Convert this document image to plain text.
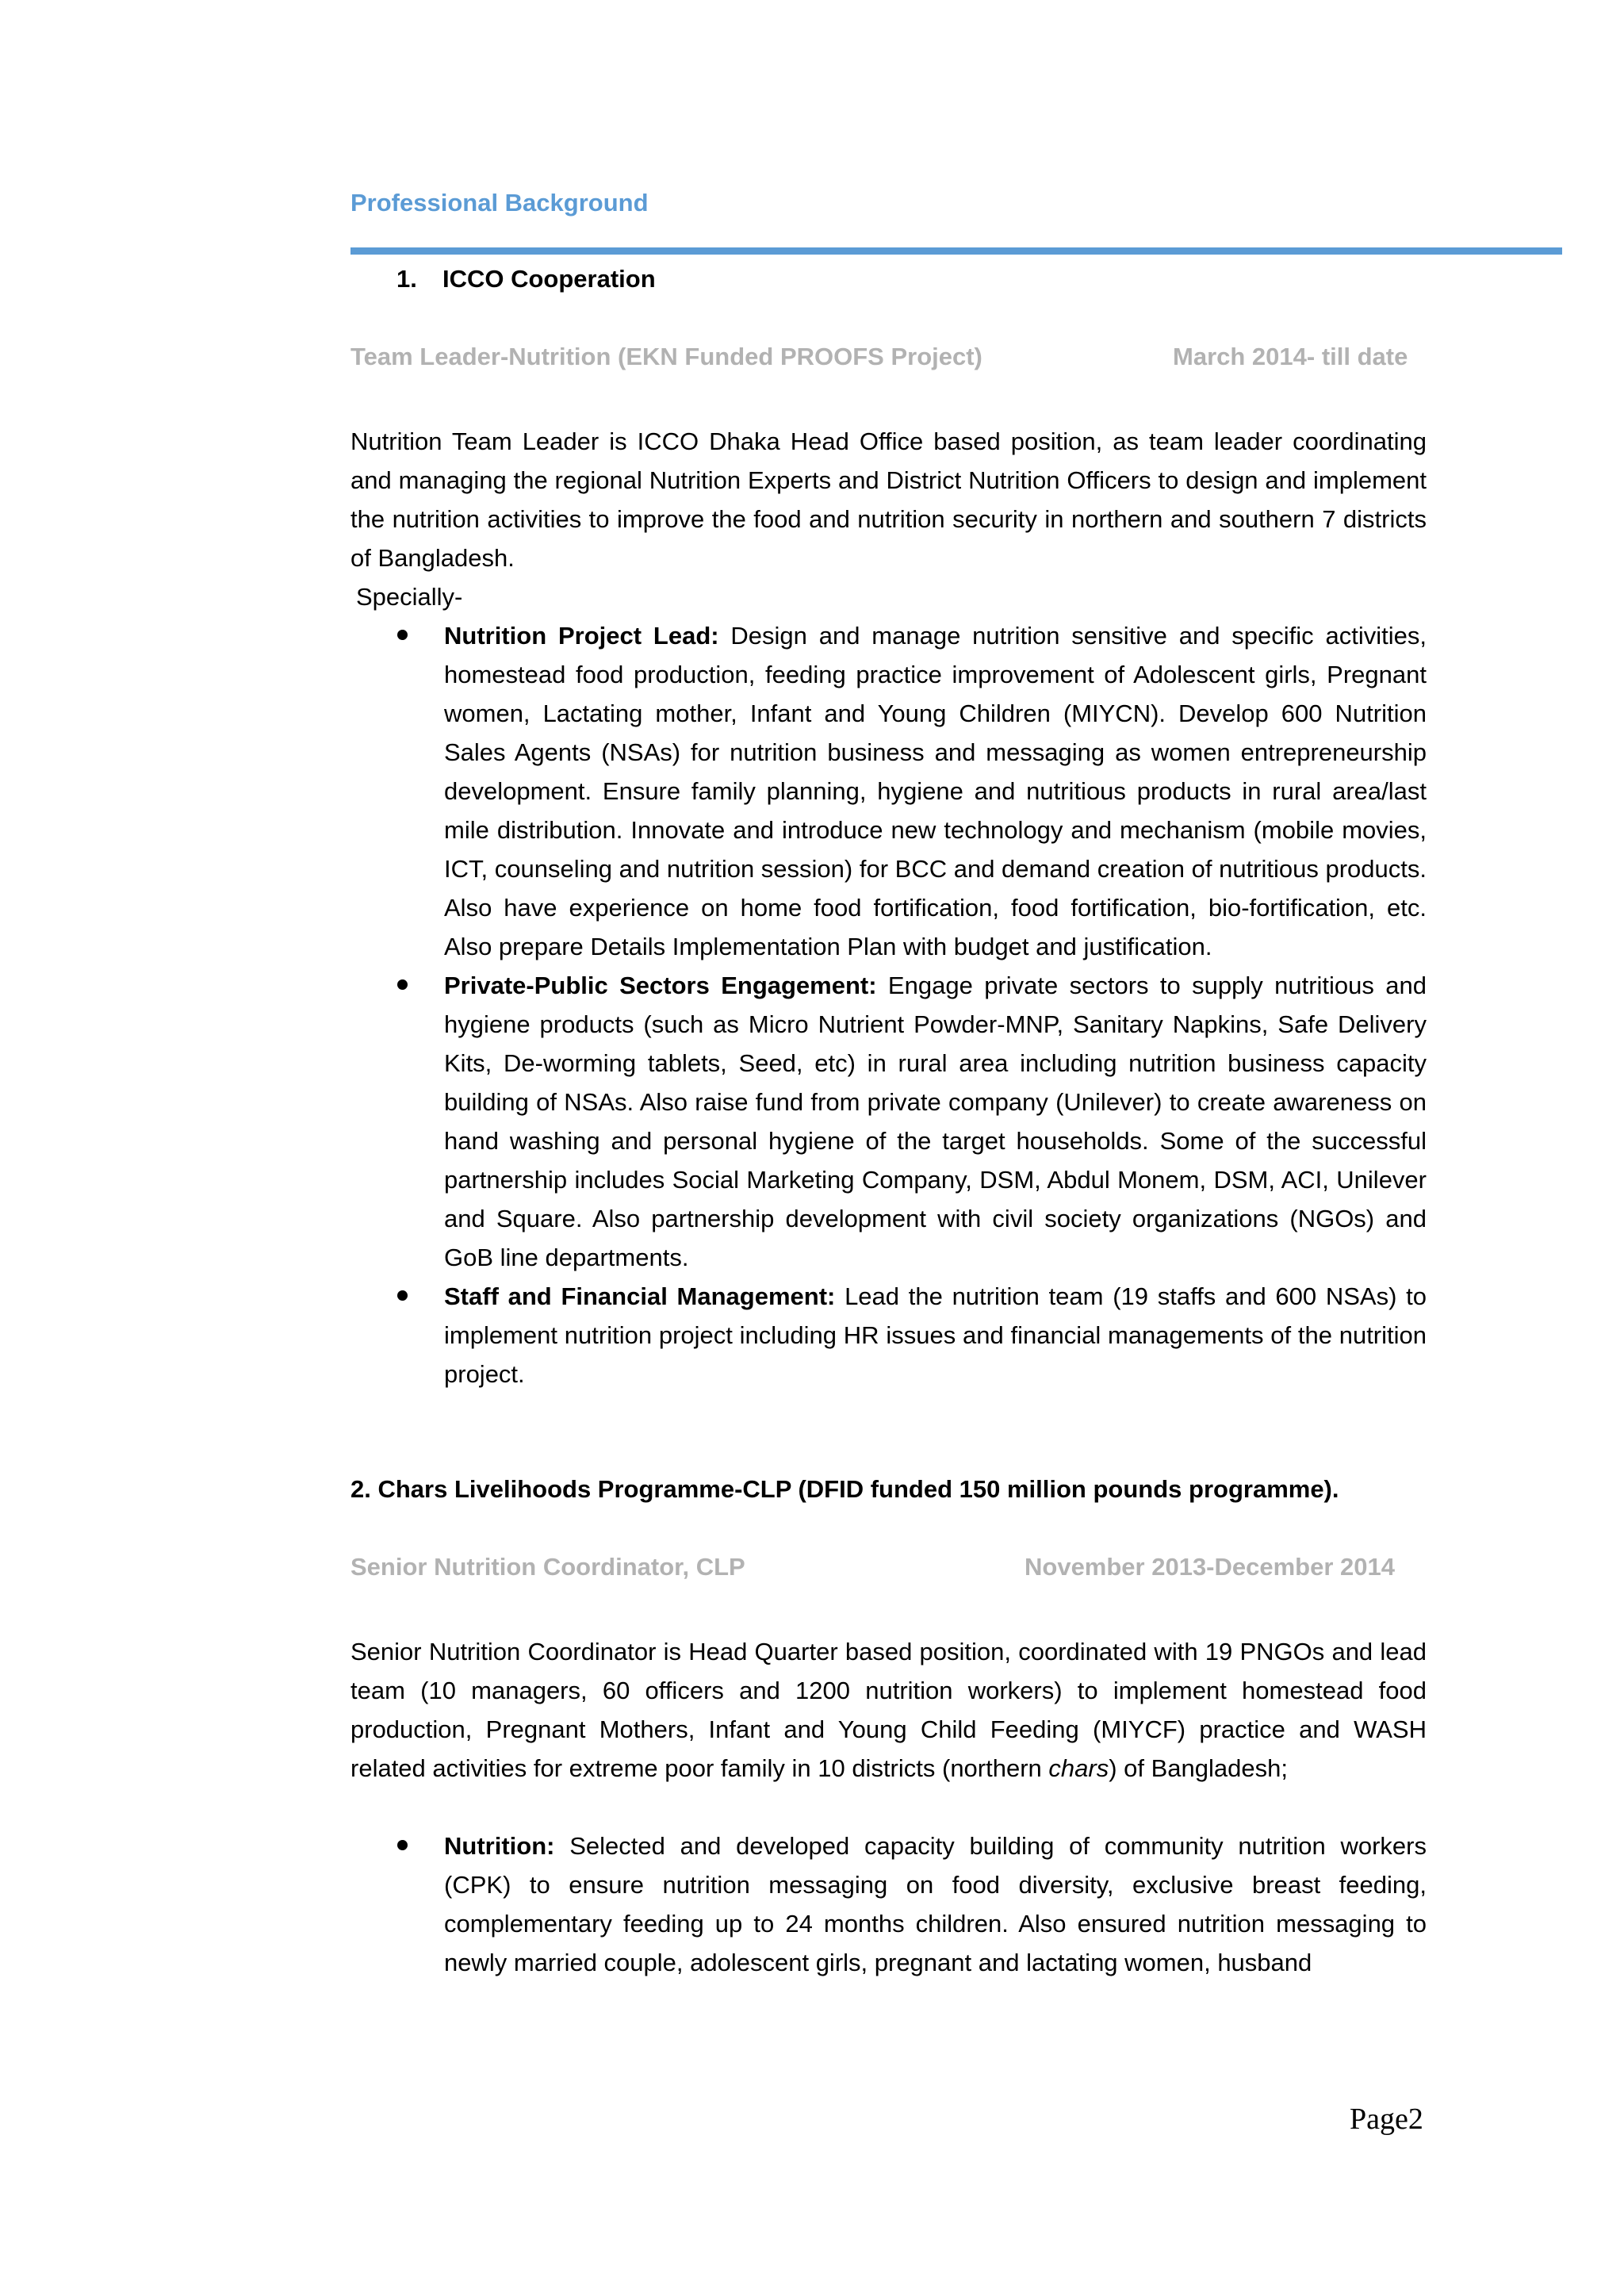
Professional Background
1. ICCO Cooperation
Team Leader-Nutrition (EKN Funded PROOFS Project)	March 2014- till date

Nutrition Team Leader is ICCO Dhaka Head Office based position, as team leader coordinating and managing the regional Nutrition Experts and District Nutrition Officers to design and implement the nutrition activities to improve the food and nutrition security in northern and southern 7 districts of Bangladesh.

Specially-
Nutrition Project Lead: Design and manage nutrition sensitive and specific activities, homestead food production, feeding practice improvement of Adolescent girls, Pregnant women, Lactating mother, Infant and Young Children (MIYCN). Develop 600 Nutrition Sales Agents (NSAs) for nutrition business and messaging as women entrepreneurship development. Ensure family planning, hygiene and nutritious products in rural area/last mile distribution. Innovate and introduce new technology and mechanism (mobile movies, ICT, counseling and nutrition session) for BCC and demand creation of nutritious products. Also have experience on home food fortification, food fortification, bio-fortification, etc. Also prepare Details Implementation Plan with budget and justification.
Private-Public Sectors Engagement: Engage private sectors to supply nutritious and hygiene products (such as Micro Nutrient Powder-MNP, Sanitary Napkins, Safe Delivery Kits, De-worming tablets, Seed, etc) in rural area including nutrition business capacity building of NSAs. Also raise fund from private company (Unilever) to create awareness on hand washing and personal hygiene of the target households. Some of the successful partnership includes Social Marketing Company, DSM, Abdul Monem, DSM, ACI, Unilever and Square. Also partnership development with civil society organizations (NGOs) and GoB line departments.
Staff and Financial Management: Lead the nutrition team (19 staffs and 600 NSAs) to implement nutrition project including HR issues and financial managements of the nutrition project.
2. Chars Livelihoods Programme-CLP (DFID funded 150 million pounds programme).
Senior Nutrition Coordinator, CLP	November 2013-December 2014

Senior Nutrition Coordinator is Head Quarter based position, coordinated with 19 PNGOs and lead team (10 managers, 60 officers and 1200 nutrition workers) to implement homestead food production, Pregnant Mothers, Infant and Young Child Feeding (MIYCF) practice and WASH related activities for extreme poor family in 10 districts (northern chars) of Bangladesh;

Nutrition: Selected and developed capacity building of community nutrition workers (CPK) to ensure nutrition messaging on food diversity, exclusive breast feeding, complementary feeding up to 24 months children. Also ensured nutrition messaging to newly married couple, adolescent girls, pregnant and lactating women, husband
Page2
